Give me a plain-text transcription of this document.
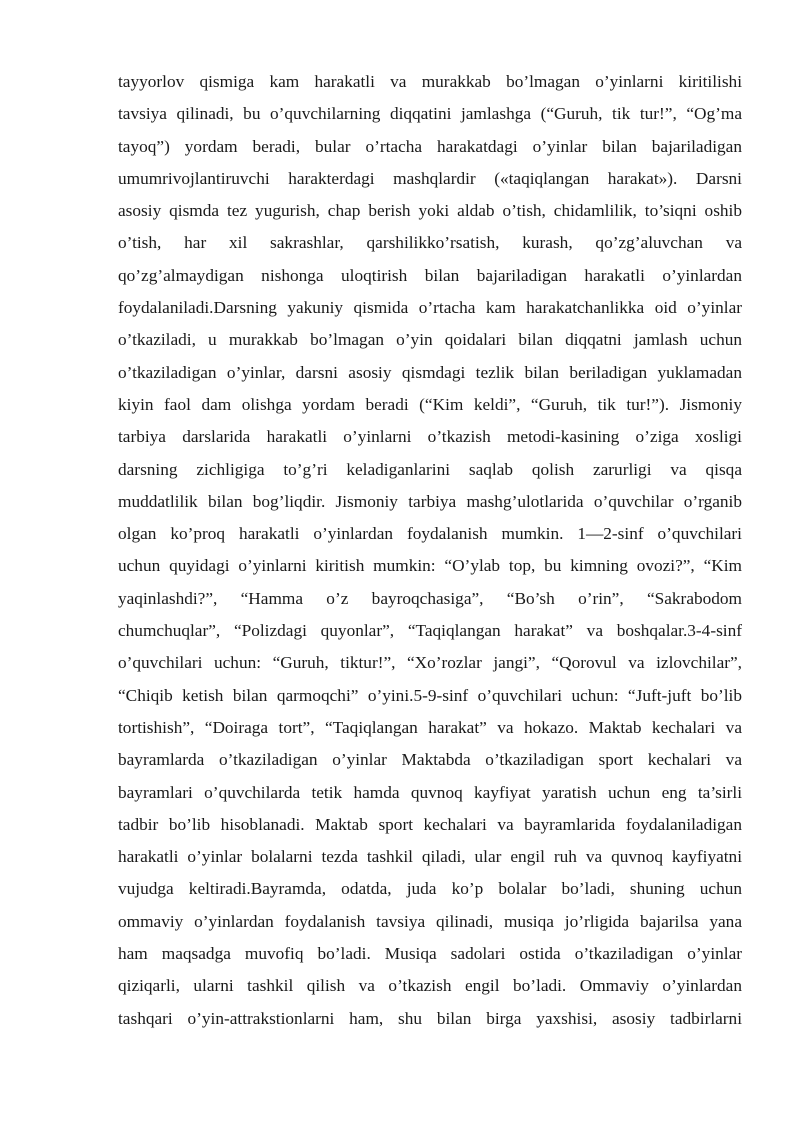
tayyorlov qismiga kam harakatli va murakkab bo’lmagan o’yinlarni kiritilishi
tavsiya qilinadi, bu o’quvchilarning diqqatini jamlashga (“Guruh, tik tur!”, “Og’ma
tayoq”) yordam beradi, bular o’rtacha harakatdagi o’yinlar bilan bajariladigan
umumrivojlantiruvchi harakterdagi mashqlardir («taqiqlangan harakat»). Darsni
asosiy qismda tez yugurish, chap berish yoki aldab o’tish, chidamlilik, to’siqni oshib
o’tish, har xil sakrashlar, qarshilikko’rsatish, kurash, qo’zg’aluvchan va
qo’zg’almaydigan nishonga uloqtirish bilan bajariladigan harakatli o’yinlardan
foydalaniladi.Darsning yakuniy qismida o’rtacha kam harakatchanlikka oid o’yinlar
o’tkaziladi, u murakkab bo’lmagan o’yin qoidalari bilan diqqatni jamlash uchun
o’tkaziladigan o’yinlar, darsni asosiy qismdagi tezlik bilan beriladigan yuklamadan
kiyin faol dam olishga yordam beradi (“Kim keldi”, “Guruh, tik tur!”). Jismoniy
tarbiya darslarida harakatli o’yinlarni o’tkazish metodi-kasining o’ziga xosligi
darsning zichligiga to’g’ri keladiganlarini saqlab qolish zarurligi va qisqa
muddatlilik bilan bog’liqdir. Jismoniy tarbiya mashg’ulotlarida o’quvchilar o’rganib
olgan ko’proq harakatli o’yinlardan foydalanish mumkin. 1—2-sinf o’quvchilari
uchun quyidagi o’yinlarni kiritish mumkin: “O’ylab top, bu kimning ovozi?”, “Kim
yaqinlashdi?”, “Hamma o’z bayroqchasiga”, “Bo’sh o’rin”, “Sakrabodom
chumchuqlar”, “Polizdagi quyonlar”, “Taqiqlangan harakat” va boshqalar.3-4-sinf
o’quvchilari uchun: “Guruh, tiktur!”, “Xo’rozlar jangi”, “Qorovul va izlovchilar”,
“Chiqib ketish bilan qarmoqchi” o’yini.5-9-sinf o’quvchilari uchun: “Juft-juft bo’lib
tortishish”, “Doiraga tort”, “Taqiqlangan harakat” va hokazo. Maktab kechalari va
bayramlarda o’tkaziladigan o’yinlar Maktabda o’tkaziladigan sport kechalari va
bayramlari o’quvchilarda tetik hamda quvnoq kayfiyat yaratish uchun eng ta’sirli
tadbir bo’lib hisoblanadi. Maktab sport kechalari va bayramlarida foydalaniladigan
harakatli o’yinlar bolalarni tezda tashkil qiladi, ular engil ruh va quvnoq kayfiyatni
vujudga keltiradi.Bayramda, odatda, juda ko’p bolalar bo’ladi, shuning uchun
ommaviy o’yinlardan foydalanish tavsiya qilinadi, musiqa jo’rligida bajarilsa yana
ham maqsadga muvofiq bo’ladi. Musiqa sadolari ostida o’tkaziladigan o’yinlar
qiziqarli, ularni tashkil qilish va o’tkazish engil bo’ladi. Ommaviy o’yinlardan
tashqari o’yin-attrakstionlarni ham, shu bilan birga yaxshisi, asosiy tadbirlarni
